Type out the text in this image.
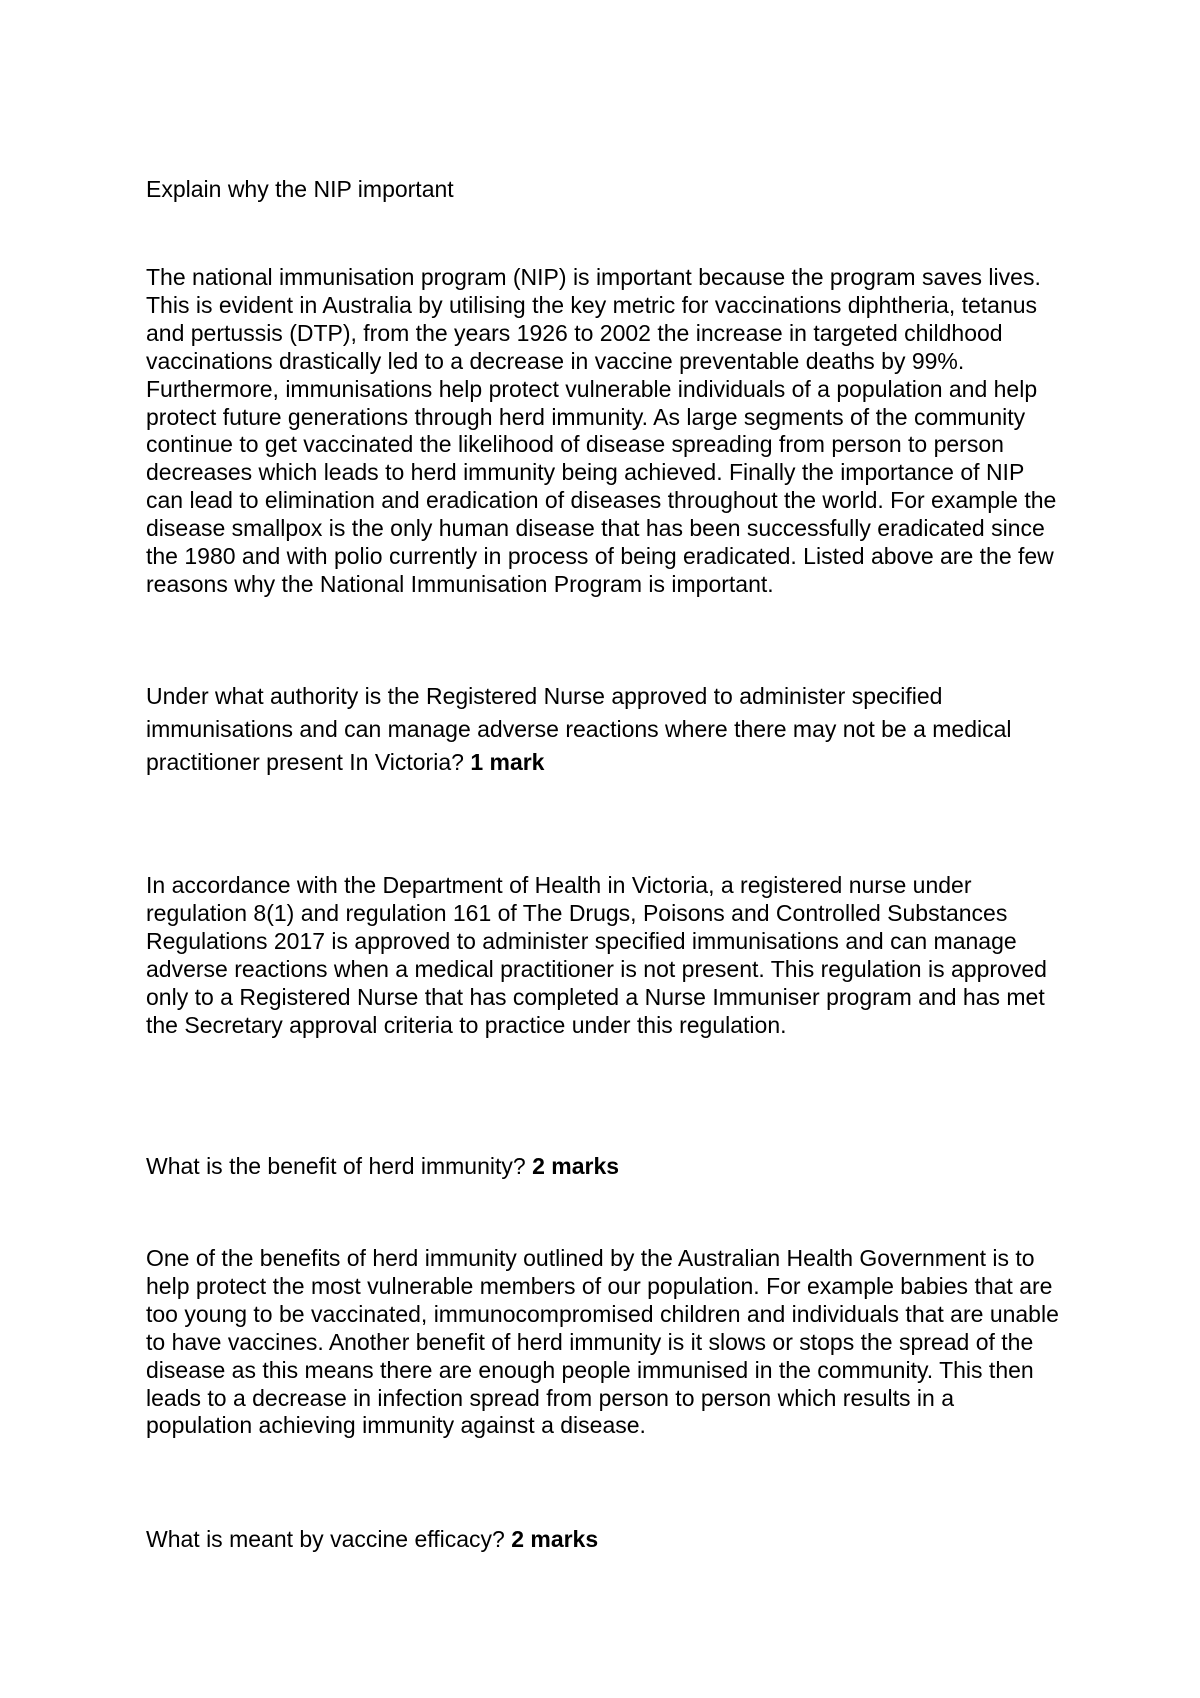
Explain why the NIP important

The national immunisation program (NIP) is important because the program saves lives. This is evident in Australia by utilising the key metric for vaccinations diphtheria, tetanus and pertussis (DTP), from the years 1926 to 2002 the increase in targeted childhood vaccinations drastically led to a decrease in vaccine preventable deaths by 99%. Furthermore, immunisations help protect vulnerable individuals of a population and help protect future generations through herd immunity. As large segments of the community continue to get vaccinated the likelihood of disease spreading from person to person decreases which leads to herd immunity being achieved. Finally the importance of NIP can lead to elimination and eradication of diseases throughout the world. For example the disease smallpox is the only human disease that has been successfully eradicated since the 1980 and with polio currently in process of being eradicated. Listed above are the few reasons why the National Immunisation Program is important.

Under what authority is the Registered Nurse approved to administer specified immunisations and can manage adverse reactions where there may not be a medical practitioner present In Victoria? 1 mark

In accordance with the Department of Health in Victoria, a registered nurse under regulation 8(1) and regulation 161 of The Drugs, Poisons and Controlled Substances Regulations 2017 is approved to administer specified immunisations and can manage adverse reactions when a medical practitioner is not present. This regulation is approved only to a Registered Nurse that has completed a Nurse Immuniser program and has met the Secretary approval criteria to practice under this regulation.

What is the benefit of herd immunity? 2 marks

One of the benefits of herd immunity outlined by the Australian Health Government is to help protect the most vulnerable members of our population. For example babies that are too young to be vaccinated, immunocompromised children and individuals that are unable to have vaccines. Another benefit of herd immunity is it slows or stops the spread of the disease as this means there are enough people immunised in the community. This then leads to a decrease in infection spread from person to person which results in a population achieving immunity against a disease.

What is meant by vaccine efficacy? 2 marks
